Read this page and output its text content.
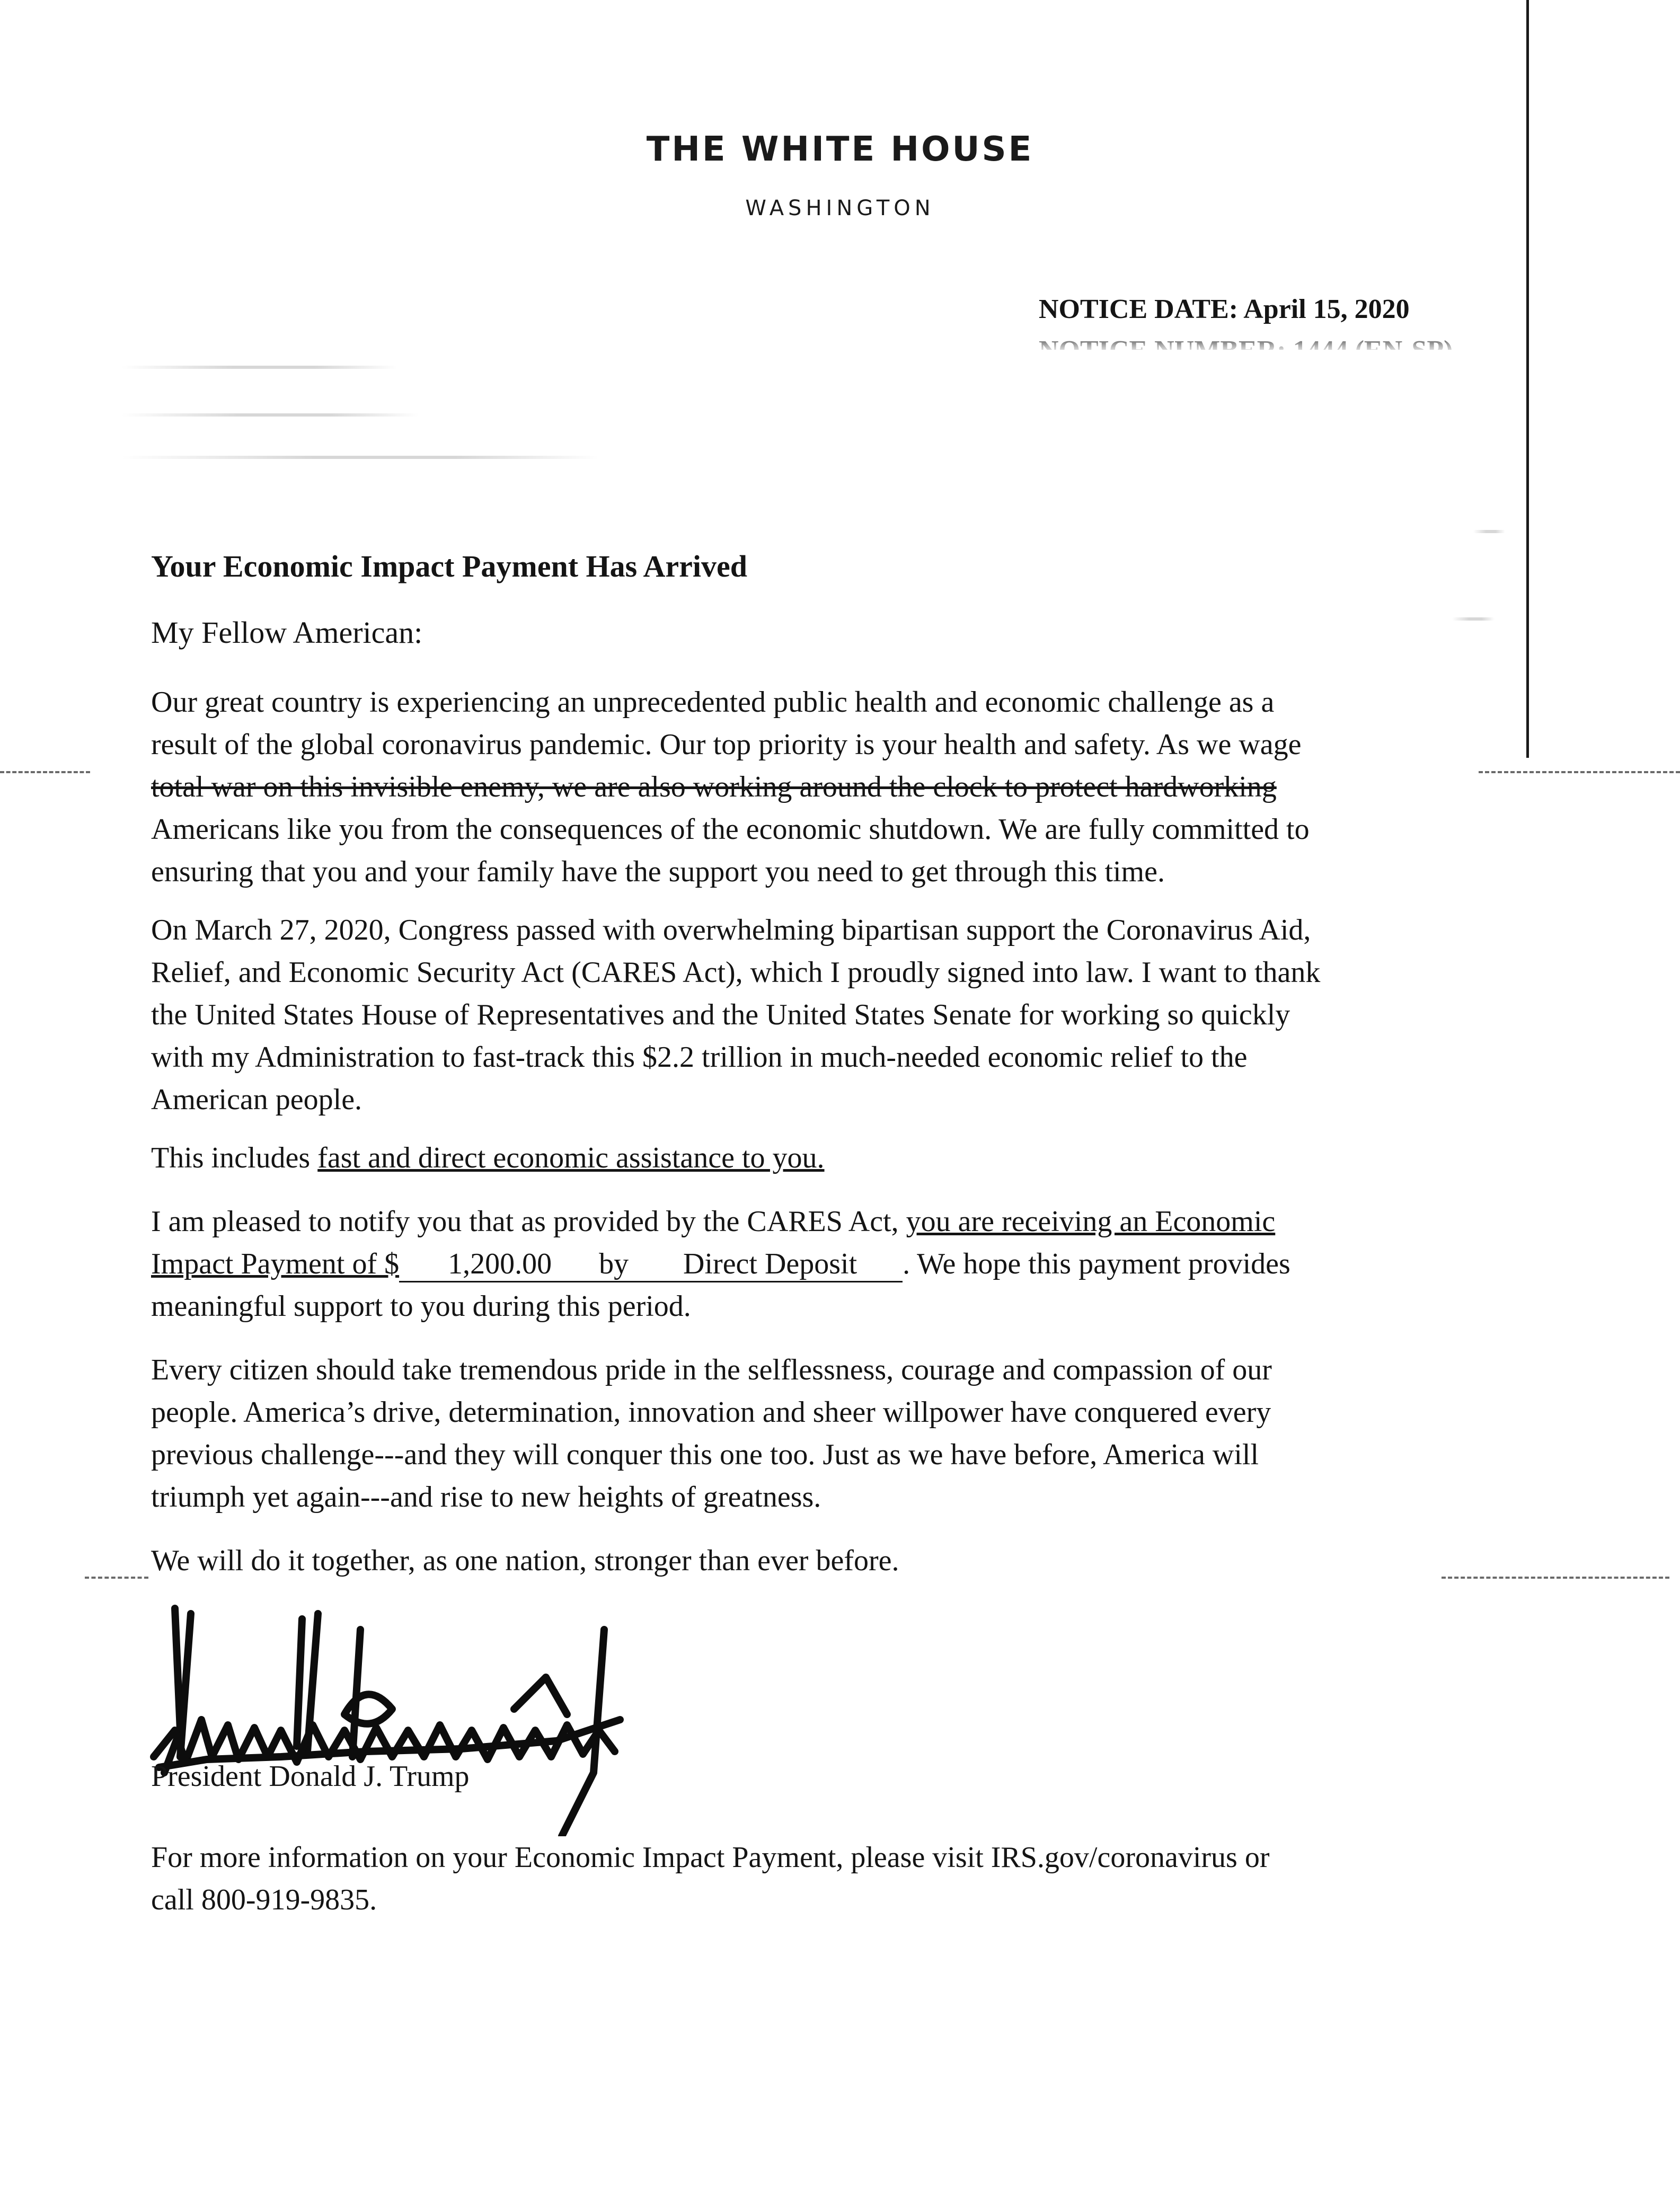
THE WHITE HOUSE
WASHINGTON
NOTICE DATE: April 15, 2020
Your Economic Impact Payment Has Arrived
My Fellow American:

Our great country is experiencing an unprecedented public health and economic challenge as a
result of the global coronavirus pandemic. Our top priority is your health and safety. As we wage
total war on this invisible enemy, we are also working around the clock to protect hardworking
Americans like you from the consequences of the economic shutdown. We are fully committed to
ensuring that you and your family have the support you need to get through this time.

On March 27, 2020, Congress passed with overwhelming bipartisan support the Coronavirus Aid,
Relief, and Economic Security Act (CARES Act), which I proudly signed into law. I want to thank
the United States House of Representatives and the United States Senate for working so quickly
with my Administration to fast-track this $2.2 trillion in much-needed economic relief to the
American people.

This includes fast and direct economic assistance to you.

I am pleased to notify you that as provided by the CARES Act, you are receiving an Economic
Impact Payment of $ 1,200.00 by Direct Deposit . We hope this payment provides
meaningful support to you during this period.

Every citizen should take tremendous pride in the selflessness, courage and compassion of our
people. America’s drive, determination, innovation and sheer willpower have conquered every
previous challenge---and they will conquer this one too. Just as we have before, America will
triumph yet again---and rise to new heights of greatness.

We will do it together, as one nation, stronger than ever before.

President Donald J. Trump

For more information on your Economic Impact Payment, please visit IRS.gov/coronavirus or
call 800-919-9835.
